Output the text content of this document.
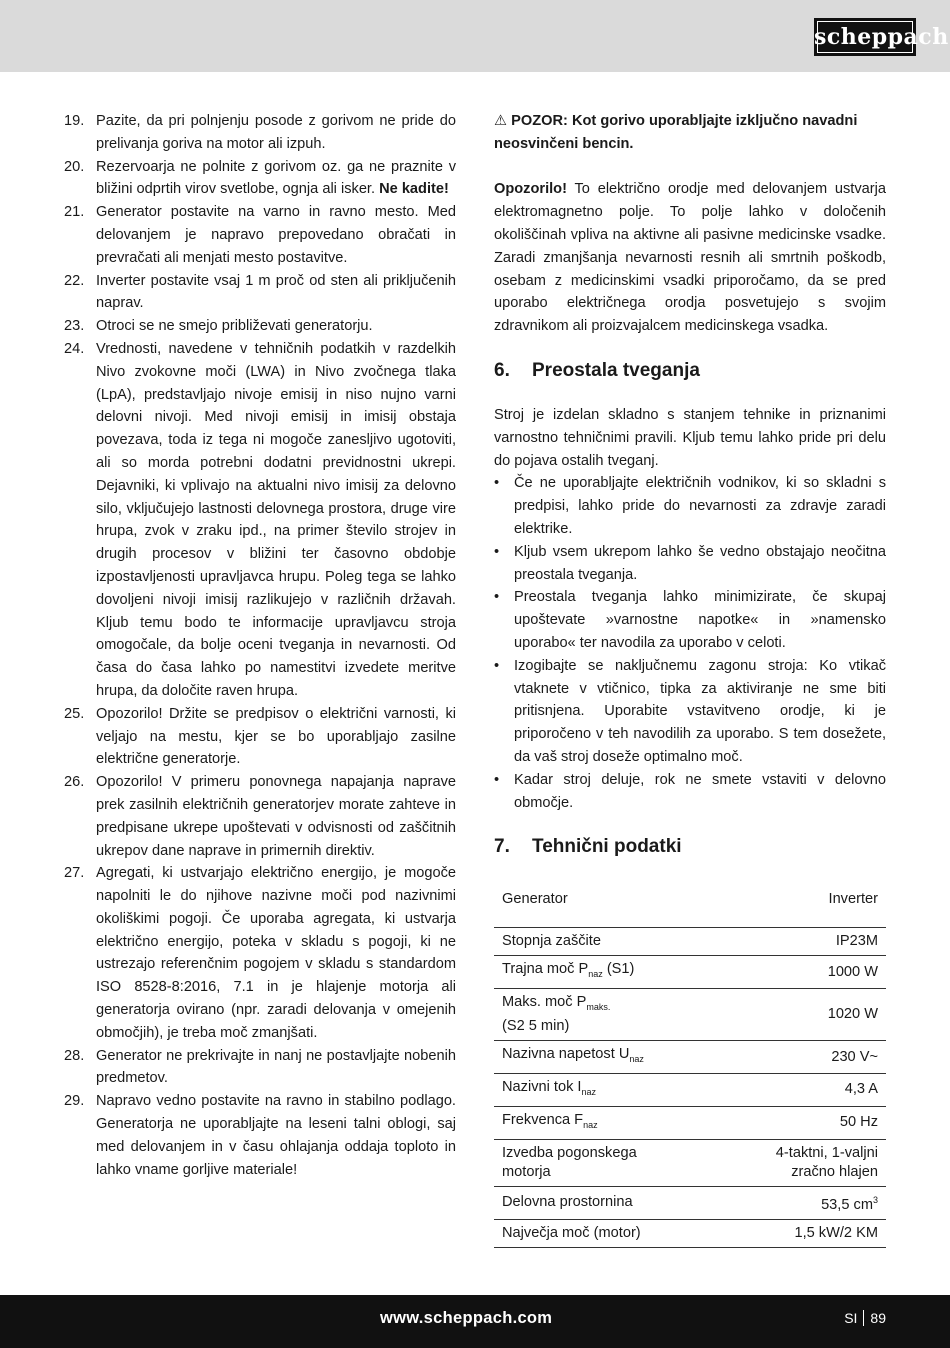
scheppach
19. Pazite, da pri polnjenju posode z gorivom ne pride do prelivanja goriva na motor ali izpuh.
20. Rezervoarja ne polnite z gorivom oz. ga ne praznite v bližini odprtih virov svetlobe, ognja ali isker. Ne kadite!
21. Generator postavite na varno in ravno mesto. Med delovanjem je napravo prepovedano obračati in prevračati ali menjati mesto postavitve.
22. Inverter postavite vsaj 1 m proč od sten ali priključenih naprav.
23. Otroci se ne smejo približevati generatorju.
24. Vrednosti, navedene v tehničnih podatkih v razdelkih Nivo zvokovne moči (LWA) in Nivo zvočnega tlaka (LpA), predstavljajo nivoje emisij in niso nujno varni delovni nivoji. Med nivoji emisij in imisij obstaja povezava, toda iz tega ni mogoče zanesljivo ugotoviti, ali so morda potrebni dodatni previdnostni ukrepi. Dejavniki, ki vplivajo na aktualni nivo imisij za delovno silo, vključujejo lastnosti delovnega prostora, druge vire hrupa, zvok v zraku ipd., na primer število strojev in drugih procesov v bližini ter časovno obdobje izpostavljenosti upravljavca hrupu. Poleg tega se lahko dovoljeni nivoji imisij razlikujejo v različnih državah. Kljub temu bodo te informacije upravljavcu stroja omogočale, da bolje oceni tveganja in nevarnosti. Od časa do časa lahko po namestitvi izvedete meritve hrupa, da določite raven hrupa.
25. Opozorilo! Držite se predpisov o električni varnosti, ki veljajo na mestu, kjer se bo uporabljajo zasilne električne generatorje.
26. Opozorilo! V primeru ponovnega napajanja naprave prek zasilnih električnih generatorjev morate zahteve in predpisane ukrepe upoštevati v odvisnosti od zaščitnih ukrepov dane naprave in primernih direktiv.
27. Agregati, ki ustvarjajo električno energijo, je mogoče napolniti le do njihove nazivne moči pod nazivnimi okoliškimi pogoji. Če uporaba agregata, ki ustvarja električno energijo, poteka v skladu s pogoji, ki ne ustrezajo referenčnim pogojem v skladu s standardom ISO 8528-8:2016, 7.1 in je hlajenje motorja ali generatorja ovirano (npr. zaradi delovanja v omejenih območjih), je treba moč zmanjšati.
28. Generator ne prekrivajte in nanj ne postavljajte nobenih predmetov.
29. Napravo vedno postavite na ravno in stabilno podlago. Generatorja ne uporabljajte na leseni talni oblogi, saj med delovanjem in v času ohlajanja oddaja toploto in lahko vname gorljive materiale!

⚠ POZOR: Kot gorivo uporabljajte izključno navadni neosvinčeni bencin.

Opozorilo! To električno orodje med delovanjem ustvarja elektromagnetno polje. To polje lahko v določenih okoliščinah vpliva na aktivne ali pasivne medicinske vsadke. Zaradi zmanjšanja nevarnosti resnih ali smrtnih poškodb, osebam z medicinskimi vsadki priporočamo, da se pred uporabo električnega orodja posvetujejo s svojim zdravnikom ali proizvajalcem medicinskega vsadka.

6.	Preostala tveganja

Stroj je izdelan skladno s stanjem tehnike in priznanimi varnostno tehničnimi pravili. Kljub temu lahko pride pri delu do pojava ostalih tveganj.

•	Če ne uporabljajte električnih vodnikov, ki so skladni s predpisi, lahko pride do nevarnosti za zdravje zaradi elektrike.
•	Kljub vsem ukrepom lahko še vedno obstajajo neočitna preostala tveganja.
•	Preostala tveganja lahko minimizirate, če skupaj upoštevate »varnostne napotke« in »namensko uporabo« ter navodila za uporabo v celoti.
•	Izogibajte se naključnemu zagonu stroja: Ko vtikač vtaknete v vtičnico, tipka za aktiviranje ne sme biti pritisnjena. Uporabite vstavitveno orodje, ki je priporočeno v teh navodilih za uporabo. S tem dosežete, da vaš stroj doseže optimalno moč.
•	Kadar stroj deluje, rok ne smete vstaviti v delovno območje.
7.	Tehnični podatki
Generator	Inverter
Stopnja zaščite	IP23M
Trajna moč $P_{naz}$ (S1)	1000 W
Maks. moč $P_{maks.}$
(S2 5 min)	1020 W
Nazivna napetost $U_{naz}$	230 V~
Nazivni tok $I_{naz}$	4,3 A
Frekvenca $F_{naz}$	50 Hz
Izvedba pogonskega
motorja	4-taktni, 1-valjni
zračno hlajen
Delovna prostornina	53,5 $cm^3$
Največja moč (motor)	1,5 kW/2 KM
www.scheppach.com	SI 89
